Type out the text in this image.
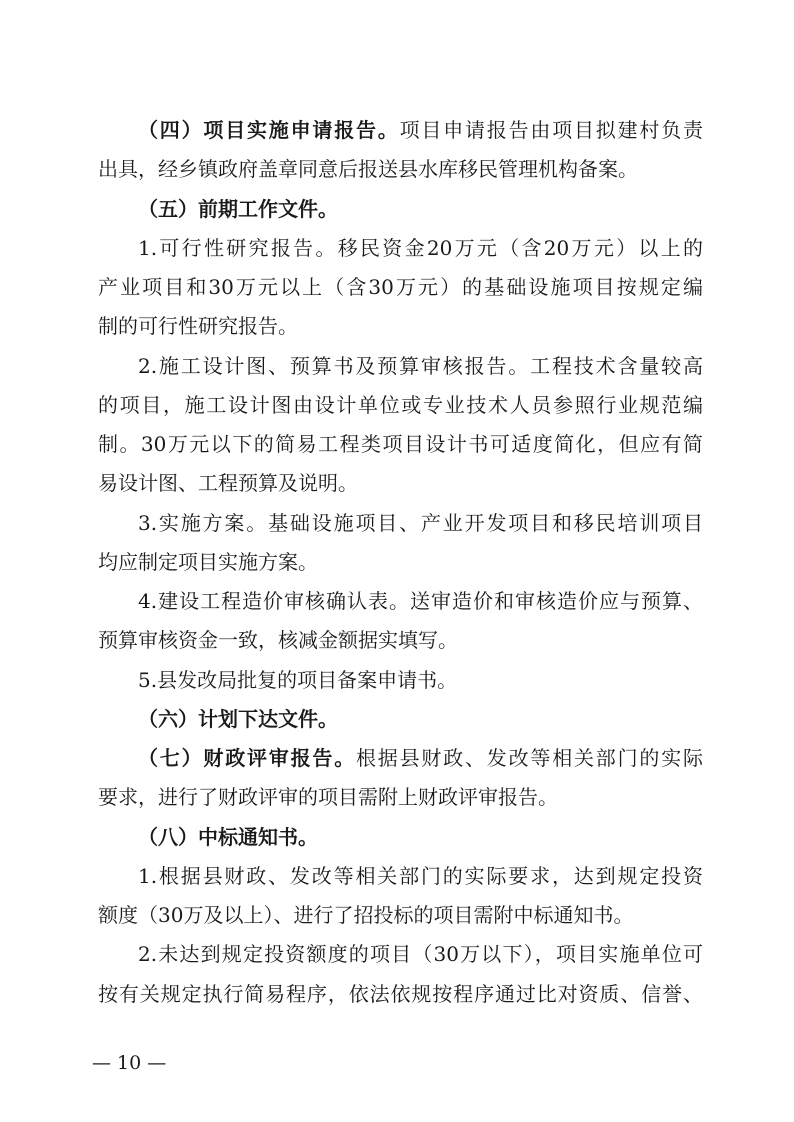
（四）项目实施申请报告。项目申请报告由项目拟建村负责
出具，经乡镇政府盖章同意后报送县水库移民管理机构备案。
（五）前期工作文件。
1.可行性研究报告。移民资金20万元（含20万元）以上的
产业项目和30万元以上（含30万元）的基础设施项目按规定编
制的可行性研究报告。
2.施工设计图、预算书及预算审核报告。工程技术含量较高
的项目，施工设计图由设计单位或专业技术人员参照行业规范编
制。30万元以下的简易工程类项目设计书可适度简化，但应有简
易设计图、工程预算及说明。
3.实施方案。基础设施项目、产业开发项目和移民培训项目
均应制定项目实施方案。
4.建设工程造价审核确认表。送审造价和审核造价应与预算、
预算审核资金一致，核减金额据实填写。
5.县发改局批复的项目备案申请书。
（六）计划下达文件。
（七）财政评审报告。根据县财政、发改等相关部门的实际
要求，进行了财政评审的项目需附上财政评审报告。
（八）中标通知书。
1.根据县财政、发改等相关部门的实际要求，达到规定投资
额度（30万及以上）、进行了招投标的项目需附中标通知书。
2.未达到规定投资额度的项目（30万以下），项目实施单位可
按有关规定执行简易程序，依法依规按程序通过比对资质、信誉、
— 10 —
